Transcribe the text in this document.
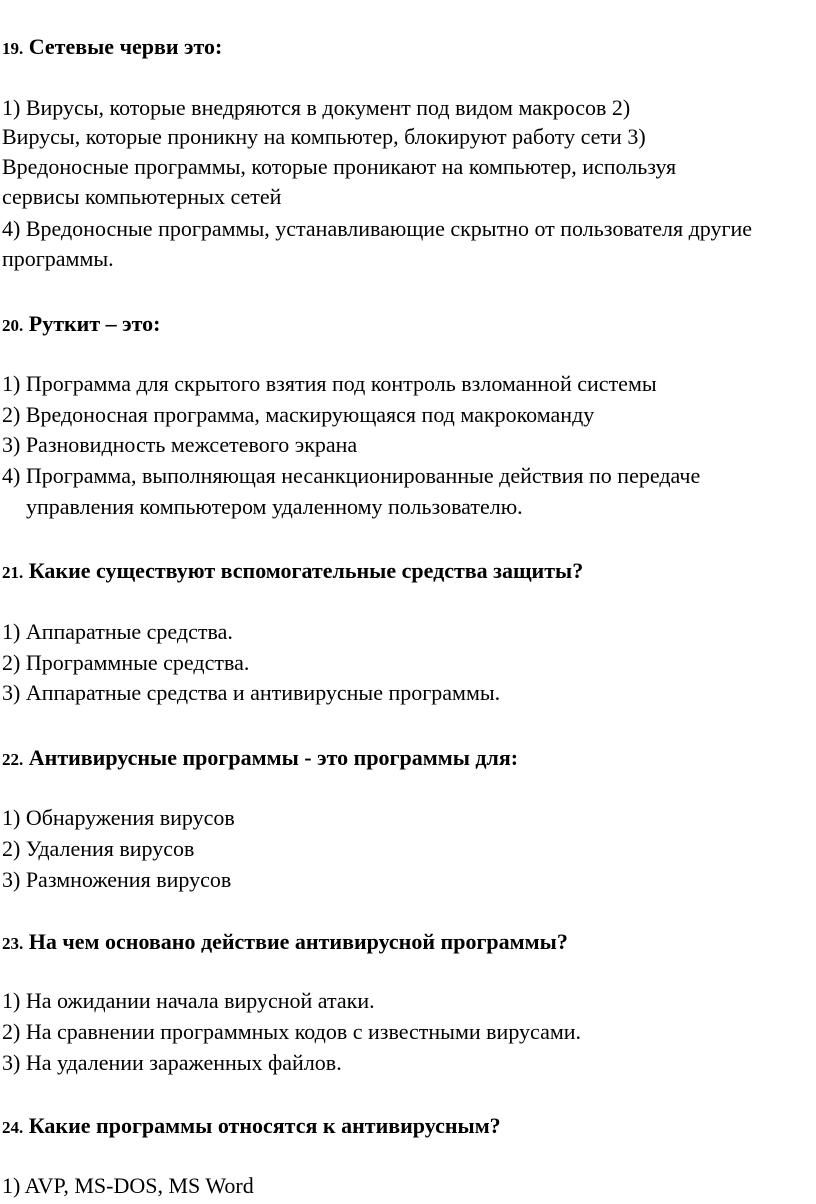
19. Сетевые черви это:
1) Вирусы, которые внедряются в документ под видом макросов 2)
Вирусы, которые проникну на компьютер, блокируют работу сети 3)
Вредоносные программы, которые проникают на компьютер, используя
сервисы компьютерных сетей
4) Вредоносные программы, устанавливающие скрытно от пользователя другие
программы.
20. Руткит – это:
1) Программа для скрытого взятия под контроль взломанной системы
2) Вредоносная программа, маскирующаяся под макрокоманду
3) Разновидность межсетевого экрана
4) Программа, выполняющая несанкционированные действия по передаче
управления компьютером удаленному пользователю.
21. Какие существуют вспомогательные средства защиты?
1) Аппаратные средства.
2) Программные средства.
3) Аппаратные средства и антивирусные программы.
22. Антивирусные программы - это программы для:
1) Обнаружения вирусов
2) Удаления вирусов
3) Размножения вирусов
23. На чем основано действие антивирусной программы?
1) На ожидании начала вирусной атаки.
2) На сравнении программных кодов с известными вирусами.
3) На удалении зараженных файлов.
24. Какие программы относятся к антивирусным?
1) AVP, MS-DOS, MS Word
